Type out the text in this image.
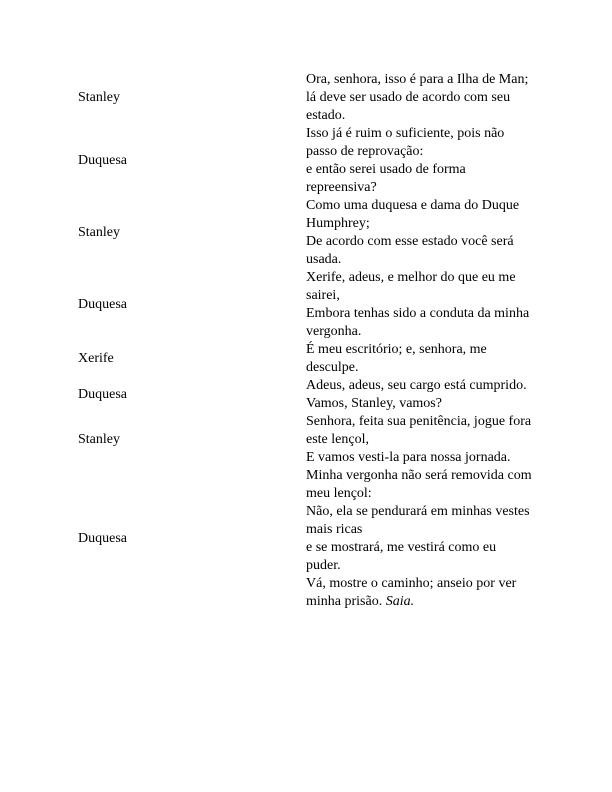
Stanley
Ora, senhora, isso é para a Ilha de Man;
lá deve ser usado de acordo com seu estado.
Duquesa
Isso já é ruim o suficiente, pois não passo de reprovação:
e então serei usado de forma repreensiva?
Stanley
Como uma duquesa e dama do Duque Humphrey;
De acordo com esse estado você será usada.
Duquesa
Xerife, adeus, e melhor do que eu me sairei,
Embora tenhas sido a conduta da minha vergonha.
Xerife
É meu escritório; e, senhora, me desculpe.
Duquesa
Adeus, adeus, seu cargo está cumprido.
Vamos, Stanley, vamos?
Stanley
Senhora, feita sua penitência, jogue fora este lençol,
E vamos vesti-la para nossa jornada.
Duquesa
Minha vergonha não será removida com meu lençol:
Não, ela se pendurará em minhas vestes mais ricas
e se mostrará, me vestirá como eu puder.
Vá, mostre o caminho; anseio por ver minha prisão. Saia.
